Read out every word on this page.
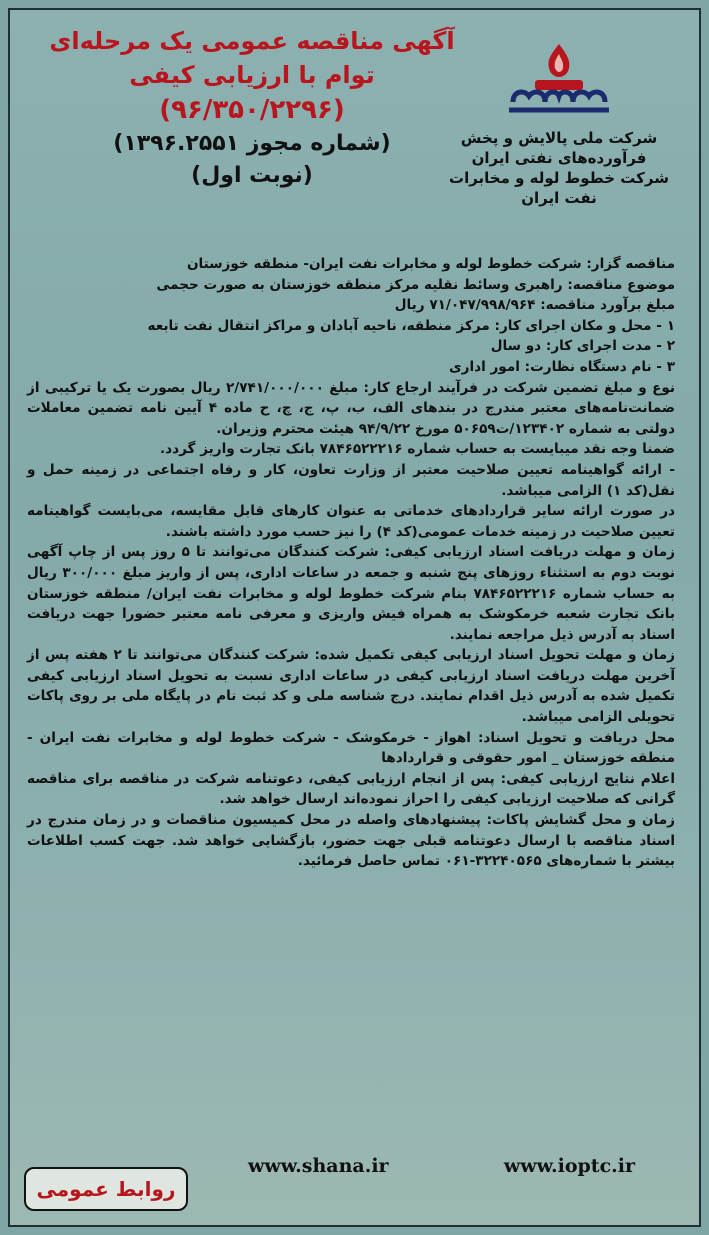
شرکت ملی پالایش و پخش
فرآورده‌های نفتی ایران
شرکت خطوط لوله و مخابرات
نفت ایران
آگهی مناقصه عمومی یک مرحله‌ای
توام با ارزیابی کیفی
(۹۶/۳۵۰/۲۲۹۶)
(شماره مجوز ۱۳۹۶.۲۵۵۱)
(نوبت اول)

مناقصه گزار: شرکت خطوط لوله و مخابرات نفت ایران- منطقه خوزستان

موضوع مناقصه: راهبری وسائط نقلیه مرکز منطقه خوزستان به صورت حجمی

مبلغ برآورد مناقصه: ۷۱/۰۴۷/۹۹۸/۹۶۴ ریال

۱ - محل و مکان اجرای کار: مرکز منطقه، ناحیه آبادان و مراکز انتقال نفت تابعه

۲ - مدت اجرای کار: دو سال

۳ - نام دستگاه نظارت: امور اداری

نوع و مبلغ تضمین شرکت در فرآیند ارجاع کار: مبلغ ۲/۷۴۱/۰۰۰/۰۰۰ ریال بصورت یک یا ترکیبی از ضمانت‌نامه‌های معتبر مندرج در بندهای الف، ب، پ، ج، چ، ح ماده ۴ آیین نامه تضمین معاملات دولتی به شماره ۱۲۳۴۰۲/ت۵۰۶۵۹ مورخ ۹۴/۹/۲۲ هیئت محترم وزیران.

ضمنا وجه نقد میبایست به حساب شماره ۷۸۴۶۵۲۲۲۱۶ بانک تجارت واریز گردد.

- ارائه گواهینامه تعیین صلاحیت معتبر از وزارت تعاون، کار و رفاه اجتماعی در زمینه حمل و نقل(کد ۱) الزامی میباشد.

در صورت ارائه سایر قراردادهای خدماتی به عنوان کارهای قابل مقایسه، می‌بایست گواهینامه تعیین صلاحیت در زمینه خدمات عمومی(کد ۴) را نیز حسب مورد داشته باشند.

زمان و مهلت دریافت اسناد ارزیابی کیفی: شرکت کنندگان می‌توانند تا ۵ روز پس از چاپ آگهی نوبت دوم به استثناء روزهای پنج شنبه و جمعه در ساعات اداری، پس از واریز مبلغ ۳۰۰/۰۰۰ ریال به حساب شماره ۷۸۴۶۵۲۲۲۱۶ بنام شرکت خطوط لوله و مخابرات نفت ایران/ منطقه خوزستان بانک تجارت شعبه خرمکوشک به همراه فیش واریزی و معرفی نامه معتبر حضورا جهت دریافت اسناد به آدرس ذیل مراجعه نمایند.

زمان و مهلت تحویل اسناد ارزیابی کیفی تکمیل شده: شرکت کنندگان می‌توانند تا ۲ هفته پس از آخرین مهلت دریافت اسناد ارزیابی کیفی در ساعات اداری نسبت به تحویل اسناد ارزیابی کیفی تکمیل شده به آدرس ذیل اقدام نمایند. درج شناسه ملی و کد ثبت نام در پایگاه ملی بر روی پاکات تحویلی الزامی میباشد.

محل دریافت و تحویل اسناد: اهواز - خرمکوشک - شرکت خطوط لوله و مخابرات نفت ایران - منطقه خوزستان _ امور حقوقی و قراردادها

اعلام نتایج ارزیابی کیفی: پس از انجام ارزیابی کیفی، دعوتنامه شرکت در مناقصه برای مناقصه گرانی که صلاحیت ارزیابی کیفی را احراز نموده‌اند ارسال خواهد شد.

زمان و محل گشایش پاکات: پیشنهادهای واصله در محل کمیسیون مناقصات و در زمان مندرج در اسناد مناقصه با ارسال دعوتنامه قبلی جهت حضور، بازگشایی خواهد شد. جهت کسب اطلاعات بیشتر با شماره‌های ۳۲۲۴۰۵۶۵-۰۶۱ تماس حاصل فرمائید.

www.ioptc.ir
www.shana.ir
روابط عمومی
